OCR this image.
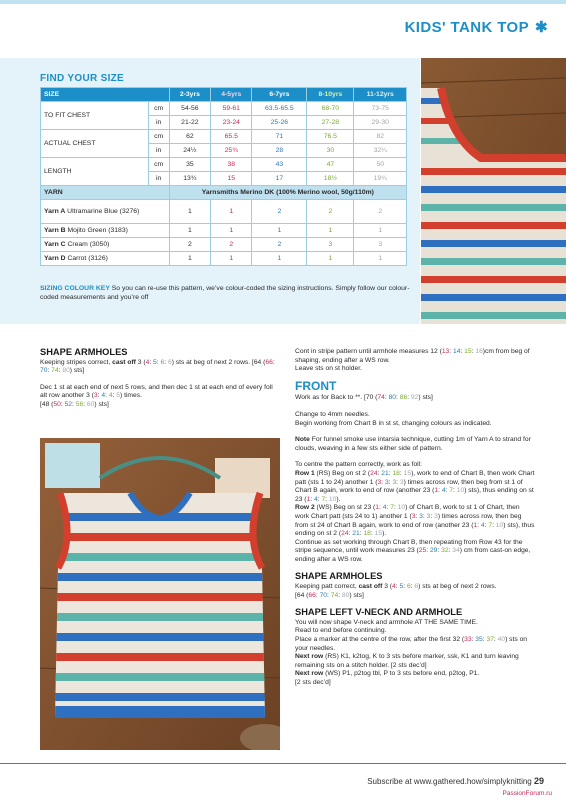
KIDS' TANK TOP ✱
FIND YOUR SIZE
SIZE		2-3yrs	4-5yrs	6-7yrs	8-10yrs	11-12yrs
TO FIT CHEST	cm	54-56	59-61	63.5-65.5	68-70	73-75
	in	21-22	23-24	25-26	27-28	29-30
ACTUAL CHEST	cm	62	65.5	71	76.5	82
	in	24½	25¾	28	30	32¼
LENGTH	cm	35	38	43	47	50
	in	13¾	15	17	18½	19¾
YARN		Yarnsmiths Merino DK (100% Merino wool, 50g/110m)				
Yarn A Ultramarine Blue (3276)		1	1	2	2	2
Yarn B Mojito Green (3183)		1	1	1	1	1
Yarn C Cream (3050)		2	2	2	3	3
Yarn D Carrot (3126)		1	1	1	1	1
SIZING COLOUR KEY So you can re-use this pattern, we’ve colour-coded the sizing instructions. Simply follow our colour-coded measurements and you’re off
SHAPE ARMHOLES

Keeping stripes correct, cast off 3 (4: 5: 6: 6) sts at beg of next 2 rows. [64 (66: 70: 74: 80) sts]

Dec 1 st at each end of next 5 rows, and then dec 1 st at each end of every foll alt row another 3 (3: 4: 4: 5) times.
[48 (50: 52: 56: 60) sts]

Cont in stripe pattern until armhole measures 12 (13: 14: 15: 16)cm from beg of shaping, ending after a WS row.
Leave sts on st holder.

FRONT

Work as for Back to **. [70 (74: 80: 86: 92) sts]

Change to 4mm needles.
Begin working from Chart B in st st, changing colours as indicated.

Note For funnel smoke use intarsia technique, cutting 1m of Yarn A to strand for clouds, weaving in a few sts either side of pattern.

To centre the pattern correctly, work as foll:
Row 1 (RS) Beg on st 2 (24: 21: 18: 15), work to end of Chart B, then work Chart patt (sts 1 to 24) another 1 (3: 3: 3: 3) times across row, then beg from st 1 of Chart B again, work to end of row (another 23 (1: 4: 7: 10) sts), thus ending on st 23 (1: 4: 7: 10).
Row 2 (WS) Beg on st 23 (1: 4: 7: 10) of Chart B, work to st 1 of Chart, then work Chart patt (sts 24 to 1) another 1 (3: 3: 3: 3) times across row, then beg from st 24 of Chart B again, work to end of row (another 23 (1: 4: 7: 10) sts), thus ending on st 2 (24: 21: 18: 15).
Continue as set working through Chart B, then repeating from Row 43 for the stripe sequence, until work measures 23 (25: 29: 32: 34) cm from cast-on edge, ending after a WS row.

SHAPE ARMHOLES

Keeping patt correct, cast off 3 (4: 5: 6: 6) sts at beg of next 2 rows.
[64 (66: 70: 74: 80) sts]

SHAPE LEFT V-NECK AND ARMHOLE

You will now shape V-neck and armhole AT THE SAME TIME.
Read to end before continuing.
Place a marker at the centre of the row, after the first 32 (33: 35: 37: 40) sts on your needles.
Next row (RS) K1, k2tog, K to 3 sts before marker, ssk, K1 and turn leaving remaining sts on a stitch holder. [2 sts dec’d]
Next row (WS) P1, p2tog tbl, P to 3 sts before end, p2tog, P1.
[2 sts dec’d]

Subscribe at www.gathered.how/simplyknitting 29
PassionForum.ru
